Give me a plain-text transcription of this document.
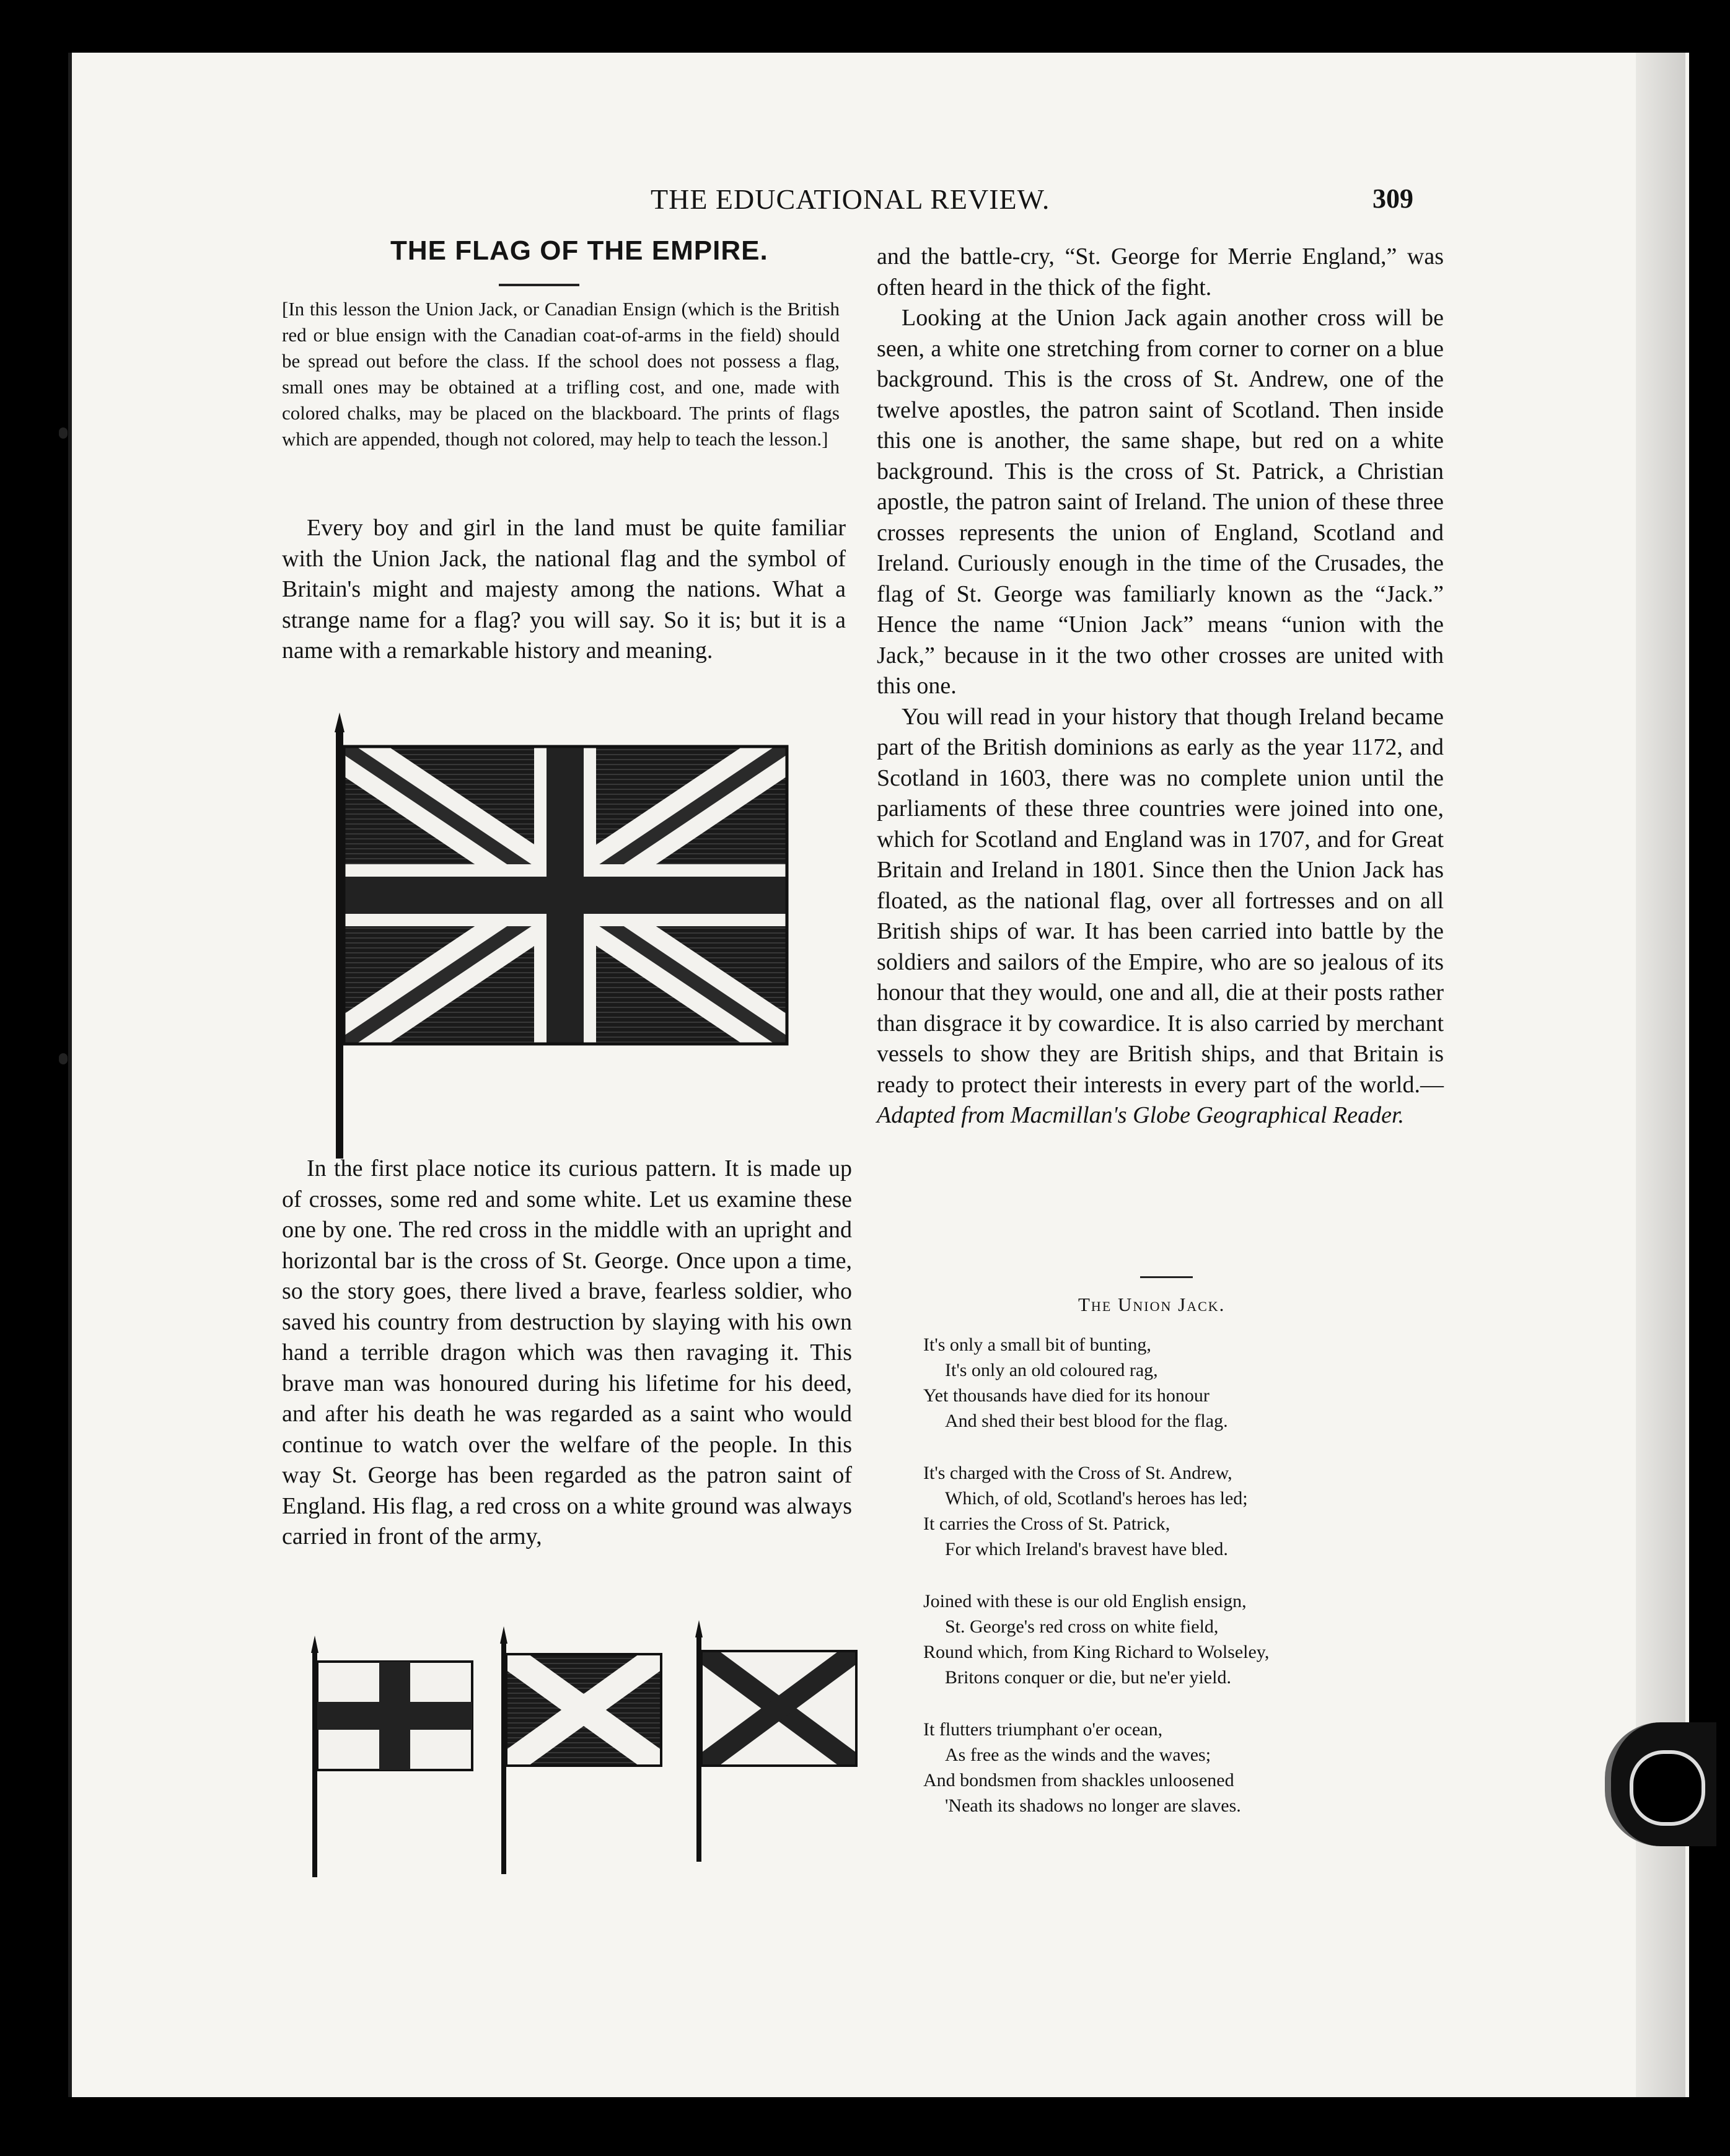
THE EDUCATIONAL REVIEW.	309
THE FLAG OF THE EMPIRE.
[In this lesson the Union Jack, or Canadian Ensign (which is the British red or blue ensign with the Canadian coat-of-arms in the field) should be spread out before the class. If the school does not possess a flag, small ones may be obtained at a trifling cost, and one, made with colored chalks, may be placed on the blackboard. The prints of flags which are appended, though not colored, may help to teach the lesson.]

Every boy and girl in the land must be quite familiar with the Union Jack, the national flag and the symbol of Britain's might and majesty among the nations. What a strange name for a flag? you will say. So it is; but it is a name with a remarkable history and meaning.

In the first place notice its curious pattern. It is made up of crosses, some red and some white. Let us examine these one by one. The red cross in the middle with an upright and horizontal bar is the cross of St. George. Once upon a time, so the story goes, there lived a brave, fearless soldier, who saved his country from destruction by slaying with his own hand a terrible dragon which was then ravaging it. This brave man was honoured during his lifetime for his deed, and after his death he was regarded as a saint who would continue to watch over the welfare of the people. In this way St. George has been regarded as the patron saint of England. His flag, a red cross on a white ground was always carried in front of the army,

and the battle-cry, “St. George for Merrie England,” was often heard in the thick of the fight.

Looking at the Union Jack again another cross will be seen, a white one stretching from corner to corner on a blue background. This is the cross of St. Andrew, one of the twelve apostles, the patron saint of Scotland. Then inside this one is another, the same shape, but red on a white background. This is the cross of St. Patrick, a Christian apostle, the patron saint of Ireland. The union of these three crosses represents the union of England, Scotland and Ireland. Curiously enough in the time of the Crusades, the flag of St. George was familiarly known as the “Jack.” Hence the name “Union Jack” means “union with the Jack,” because in it the two other crosses are united with this one.

You will read in your history that though Ireland became part of the British dominions as early as the year 1172, and Scotland in 1603, there was no complete union until the parliaments of these three countries were joined into one, which for Scotland and England was in 1707, and for Great Britain and Ireland in 1801. Since then the Union Jack has floated, as the national flag, over all fortresses and on all British ships of war. It has been carried into battle by the soldiers and sailors of the Empire, who are so jealous of its honour that they would, one and all, die at their posts rather than disgrace it by cowardice. It is also carried by merchant vessels to show they are British ships, and that Britain is ready to protect their interests in every part of the world.—Adapted from Macmillan's Globe Geographical Reader.

The Union Jack.
It's only a small bit of bunting,
It's only an old coloured rag,
Yet thousands have died for its honour
And shed their best blood for the flag.
It's charged with the Cross of St. Andrew,
Which, of old, Scotland's heroes has led;
It carries the Cross of St. Patrick,
For which Ireland's bravest have bled.
Joined with these is our old English ensign,
St. George's red cross on white field,
Round which, from King Richard to Wolseley,
Britons conquer or die, but ne'er yield.
It flutters triumphant o'er ocean,
As free as the winds and the waves;
And bondsmen from shackles unloosened
'Neath its shadows no longer are slaves.
